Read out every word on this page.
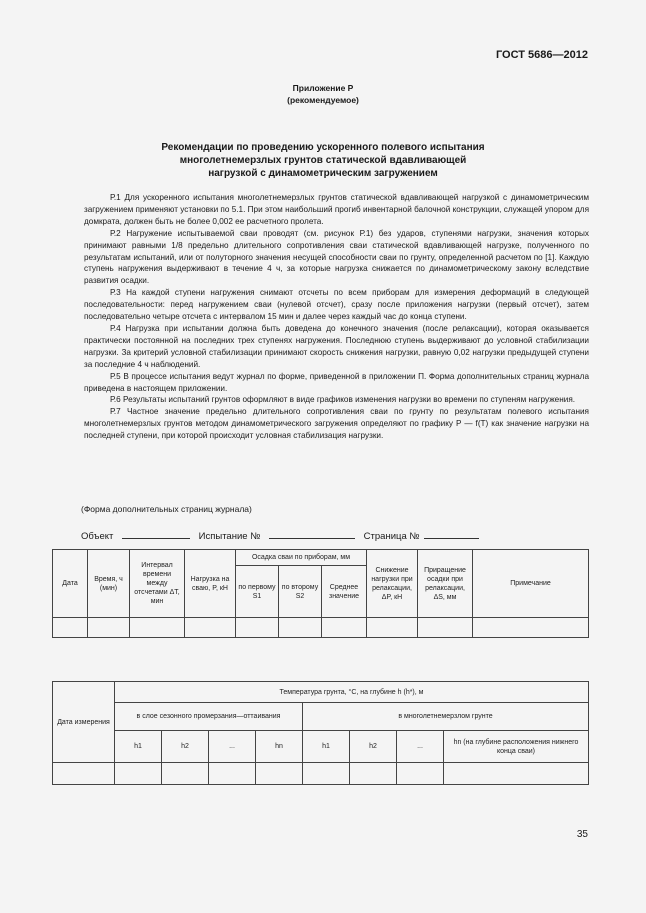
ГОСТ 5686—2012
Приложение Р
(рекомендуемое)
Рекомендации по проведению ускоренного полевого испытания
многолетнемерзлых грунтов статической вдавливающей
нагрузкой с динамометрическим загружением

Р.1 Для ускоренного испытания многолетнемерзлых грунтов статической вдавливающей нагрузкой с динамометрическим загружением применяют установки по 5.1. При этом наибольший прогиб инвентарной балочной конструкции, служащей упором для домкрата, должен быть не более 0,002 ее расчетного пролета.

Р.2 Нагружение испытываемой сваи проводят (см. рисунок Р.1) без ударов, ступенями нагрузки, значения которых принимают равными 1/8 предельно длительного сопротивления сваи статической вдавливающей нагрузке, полученного по результатам испытаний, или от полуторного значения несущей способности сваи по грунту, определенной расчетом по [1]. Каждую ступень нагружения выдерживают в течение 4 ч, за которые нагрузка снижается по динамометрическому закону вследствие развития осадки.

Р.3 На каждой ступени нагружения снимают отсчеты по всем приборам для измерения деформаций в следующей последовательности: перед нагружением сваи (нулевой отсчет), сразу после приложения нагрузки (первый отсчет), затем последовательно четыре отсчета с интервалом 15 мин и далее через каждый час до конца ступени.

Р.4 Нагрузка при испытании должна быть доведена до конечного значения (после релаксации), которая оказывается практически постоянной на последних трех ступенях нагружения. Последнюю ступень выдерживают до условной стабилизации нагрузки. За критерий условной стабилизации принимают скорость снижения нагрузки, равную 0,02 нагрузки предыдущей ступени за последние 4 ч наблюдений.

Р.5 В процессе испытания ведут журнал по форме, приведенной в приложении П. Форма дополнительных страниц журнала приведена в настоящем приложении.

Р.6 Результаты испытаний грунтов оформляют в виде графиков изменения нагрузки во времени по ступеням нагружения.

Р.7 Частное значение предельно длительного сопротивления сваи по грунту по результатам полевого испытания многолетнемерзлых грунтов методом динамометрического загружения определяют по графику P — f(T) как значение нагрузки на последней ступени, при которой происходит условная стабилизация нагрузки.

(Форма дополнительных страниц журнала)
Объект	Испытание №	Страница №
Дата	Время, ч (мин)	Интервал времени между отсчетами ΔT, мин	Нагрузка на сваю, P, кН	Осадка сваи по приборам, мм			Снижение нагрузки при релаксации, ΔP, кН	Приращение осадки при релаксации, ΔS, мм	Примечание
				по первому S1	по второму S2	Среднее значение			

Дата измерения	Температура грунта, °С, на глубине h (h*), м							
	в слое сезонного промерзания—оттаивания				в многолетнемерзлом грунте			
	h1	h2	...	hn	h1	h2	...	hn (на глубине расположения нижнего конца сваи)

35
